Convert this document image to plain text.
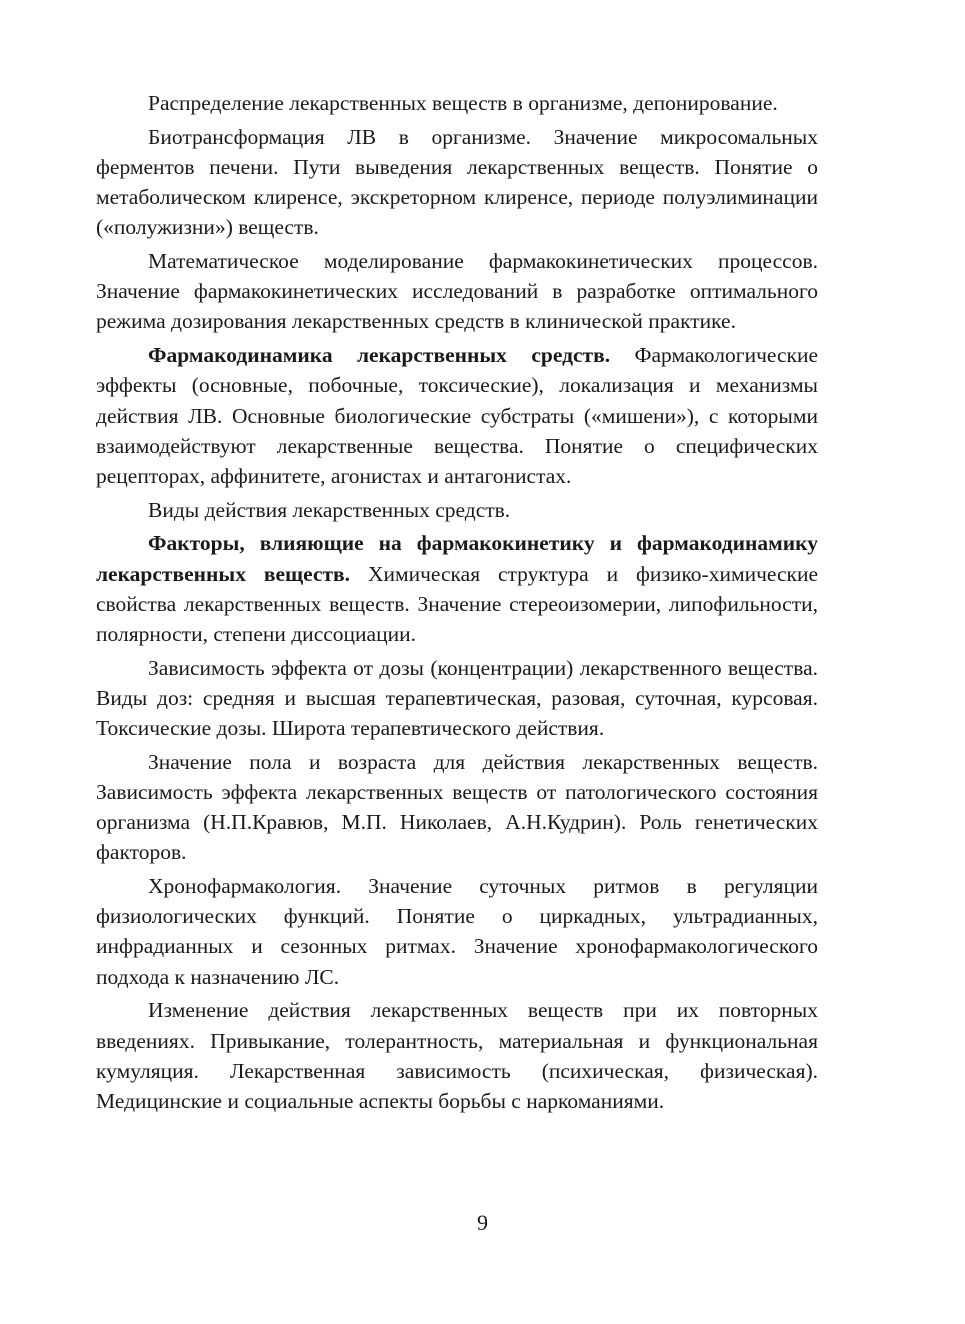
Распределение лекарственных веществ в организме, депонирование.

Биотрансформация ЛВ в организме. Значение микросомальных ферментов печени. Пути выведения лекарственных веществ. Понятие о метаболическом клиренсе, экскреторном клиренсе, периоде полуэлиминации («полужизни») веществ.

Математическое моделирование фармакокинетических процессов. Значение фармакокинетических исследований в разработке оптимального режима дозирования лекарственных средств в клинической практике.

Фармакодинамика лекарственных средств. Фармакологические эффекты (основные, побочные, токсические), локализация и механизмы действия ЛВ. Основные биологические субстраты («мишени»), с которыми взаимодействуют лекарственные вещества. Понятие о специфических рецепторах, аффинитете, агонистах и антагонистах.

Виды действия лекарственных средств.

Факторы, влияющие на фармакокинетику и фармакодинамику лекарственных веществ. Химическая структура и физико-химические свойства лекарственных веществ. Значение стереоизомерии, липофильности, полярности, степени диссоциации.

Зависимость эффекта от дозы (концентрации) лекарственного вещества. Виды доз: средняя и высшая терапевтическая, разовая, суточная, курсовая. Токсические дозы. Широта терапевтического действия.

Значение пола и возраста для действия лекарственных веществ. Зависимость эффекта лекарственных веществ от патологического состояния организма (Н.П.Кравюв, М.П. Николаев, А.Н.Кудрин). Роль генетических факторов.

Хронофармакология. Значение суточных ритмов в регуляции физиологических функций. Понятие о циркадных, ультрадианных, инфрадианных и сезонных ритмах. Значение хронофармакологического подхода к назначению ЛС.

Изменение действия лекарственных веществ при их повторных введениях. Привыкание, толерантность, материальная и функциональная кумуляция. Лекарственная зависимость (психическая, физическая). Медицинские и социальные аспекты борьбы с наркоманиями.

9
